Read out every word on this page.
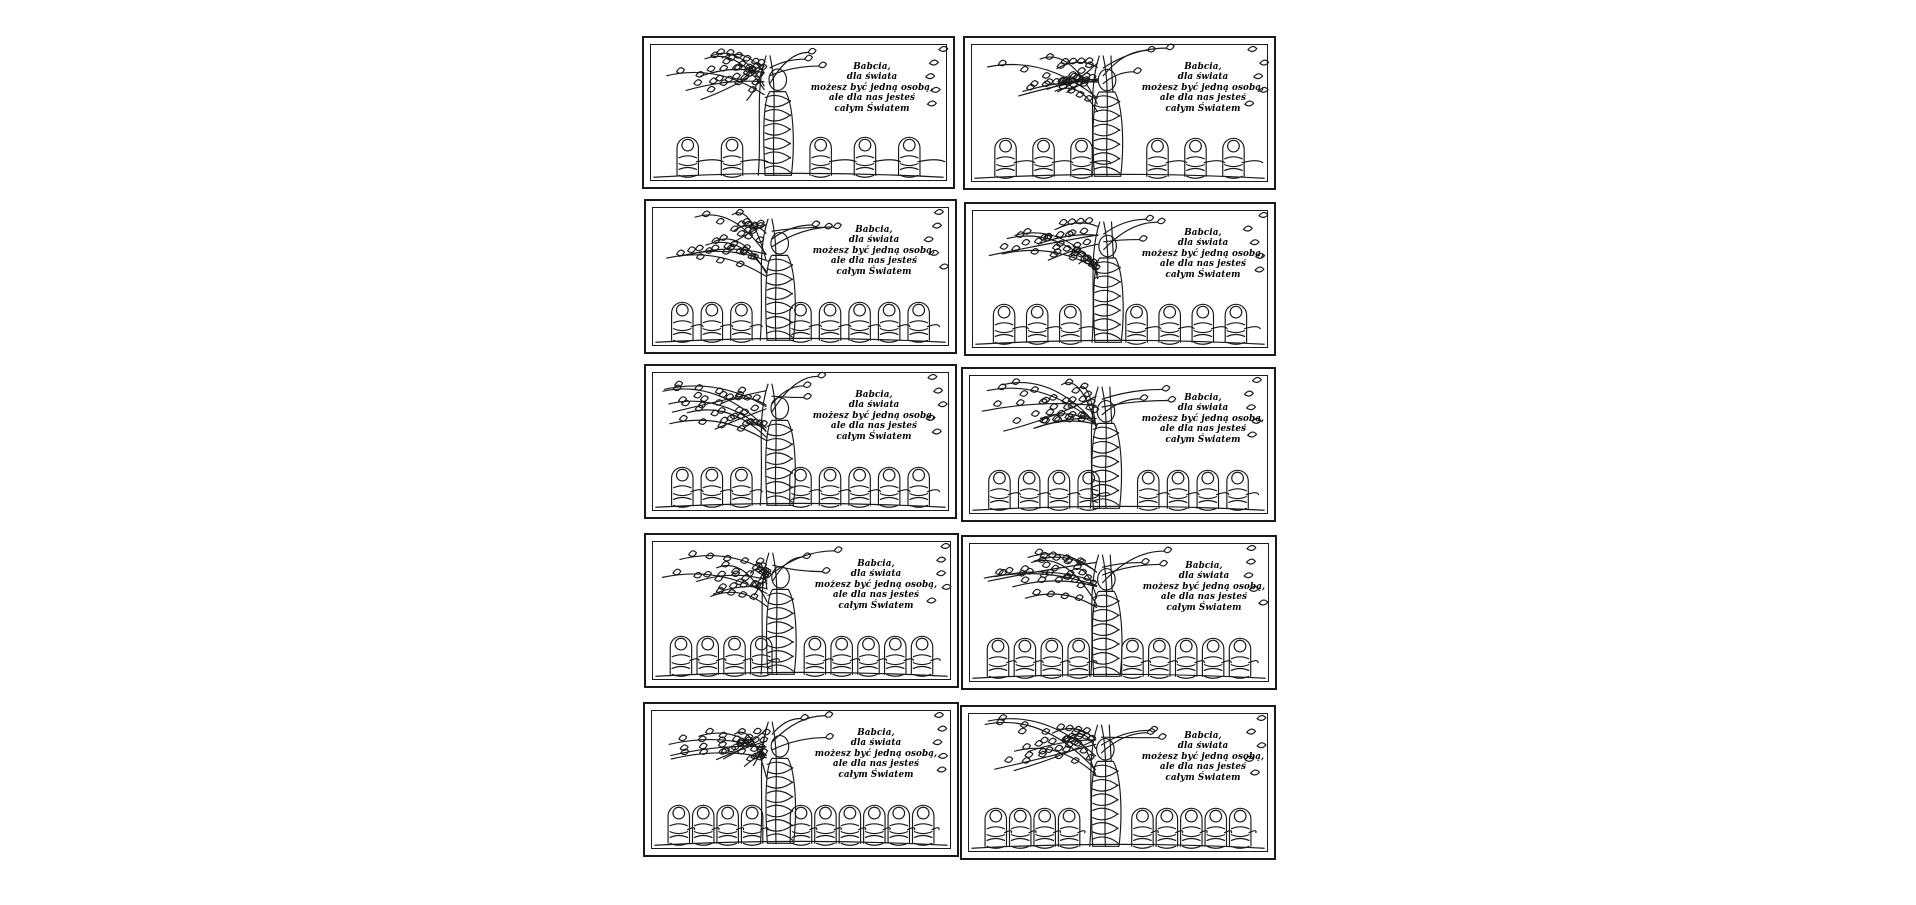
Babcia,
dla świata
możesz być jedną osobą,
ale dla nas jesteś
całym Światem
Babcia,
dla świata
możesz być jedną osobą,
ale dla nas jesteś
całym Światem
Babcia,
dla świata
możesz być jedną osobą,
ale dla nas jesteś
całym Światem
Babcia,
dla świata
możesz być jedną osobą,
ale dla nas jesteś
całym Światem
Babcia,
dla świata
możesz być jedną osobą,
ale dla nas jesteś
całym Światem
Babcia,
dla świata
możesz być jedną osobą,
ale dla nas jesteś
całym Światem
Babcia,
dla świata
możesz być jedną osobą,
ale dla nas jesteś
całym Światem
Babcia,
dla świata
możesz być jedną osobą,
ale dla nas jesteś
całym Światem
Babcia,
dla świata
możesz być jedną osobą,
ale dla nas jesteś
całym Światem
Babcia,
dla świata
możesz być jedną osobą,
ale dla nas jesteś
całym Światem
